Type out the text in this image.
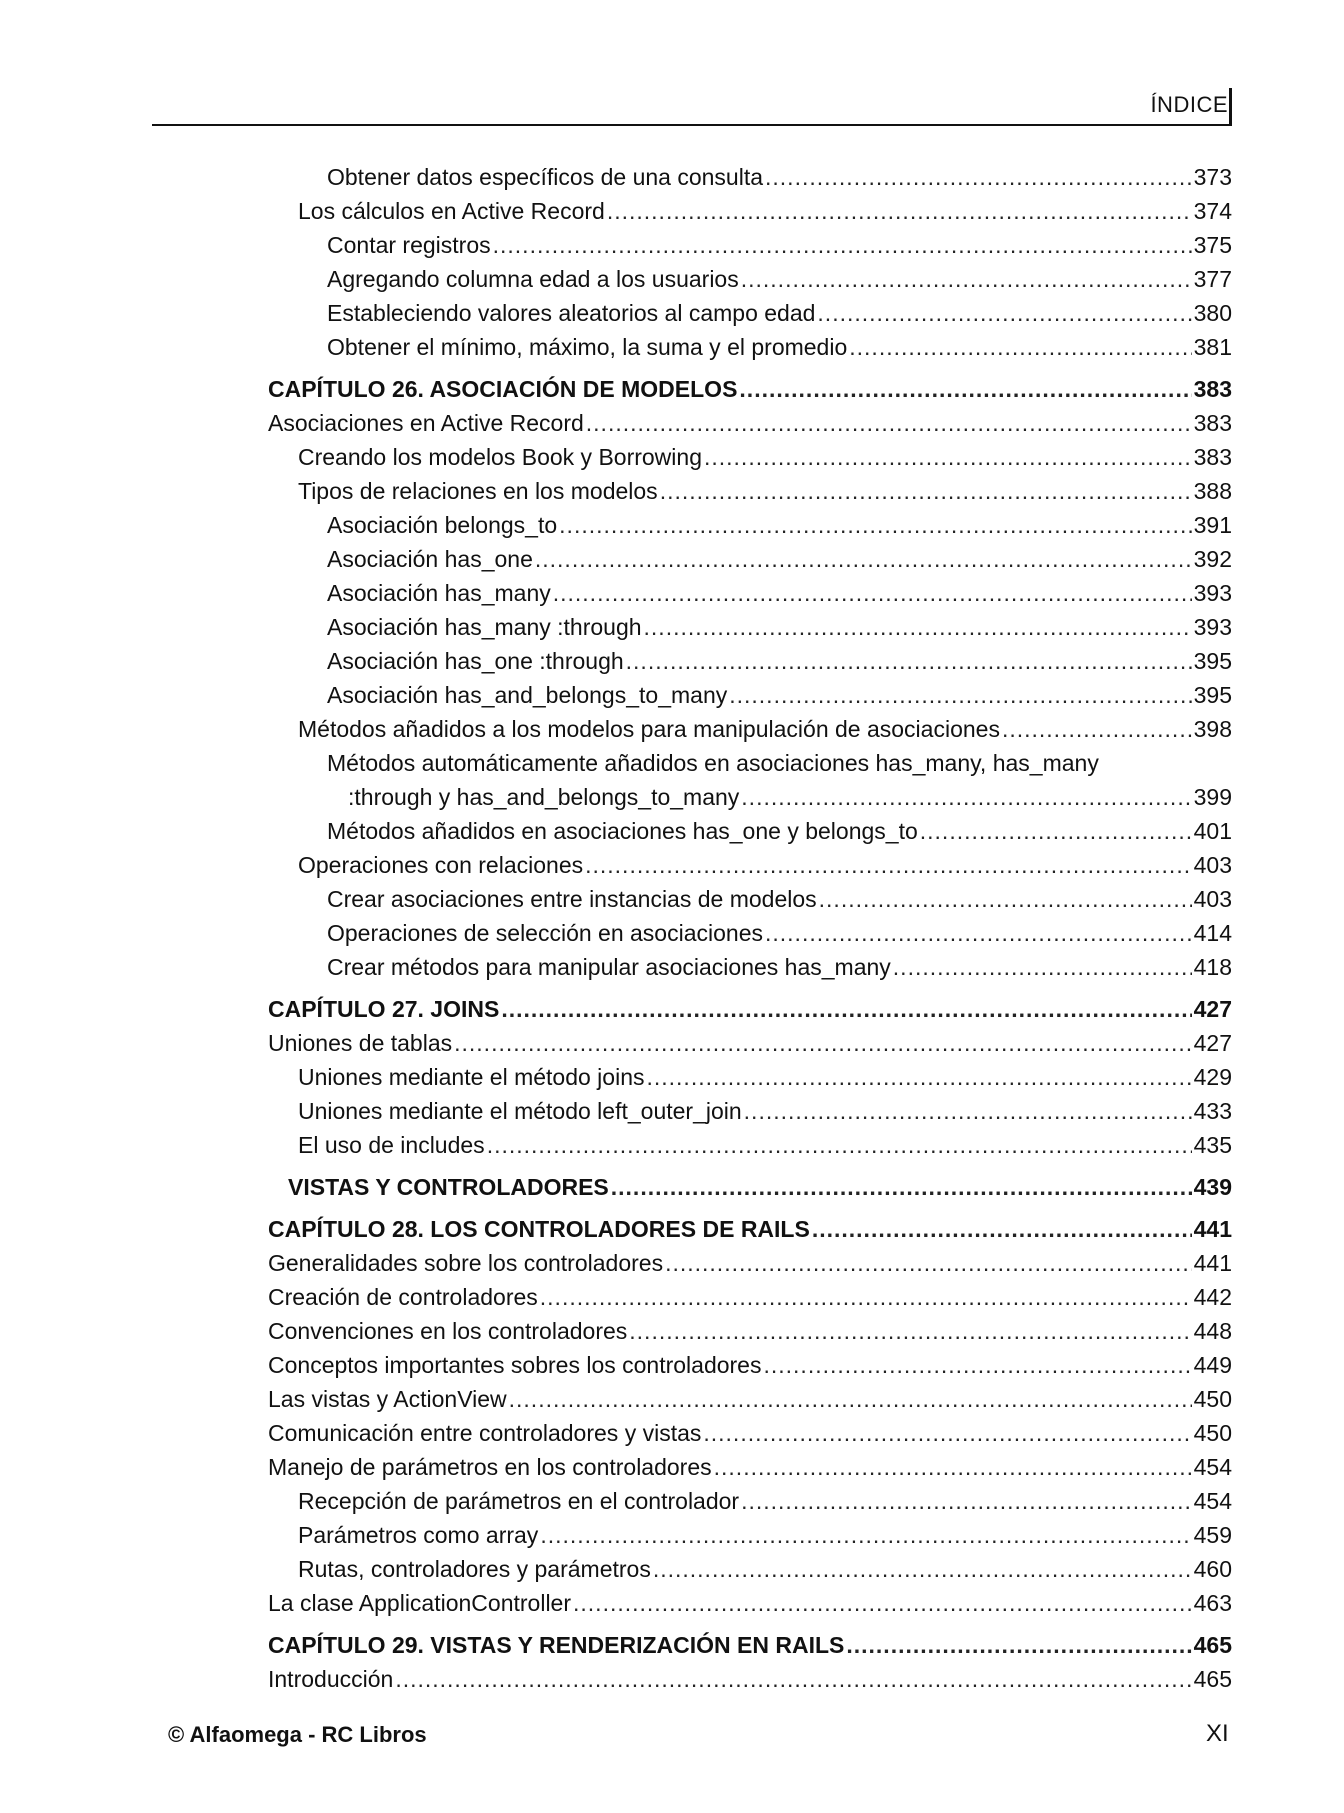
ÍNDICE
Obtener datos específicos de una consulta .....	373
Los cálculos en Active Record .....	374
Contar registros .....	375
Agregando columna edad a los usuarios .....	377
Estableciendo valores aleatorios al campo edad .....	380
Obtener el mínimo, máximo, la suma y el promedio .....	381
CAPÍTULO 26. ASOCIACIÓN DE MODELOS .....	383
Asociaciones en Active Record .....	383
Creando los modelos Book y Borrowing .....	383
Tipos de relaciones en los modelos .....	388
Asociación belongs_to .....	391
Asociación has_one .....	392
Asociación has_many .....	393
Asociación has_many :through .....	393
Asociación has_one :through .....	395
Asociación has_and_belongs_to_many .....	395
Métodos añadidos a los modelos para manipulación de asociaciones .....	398
Métodos automáticamente añadidos en asociaciones has_many, has_many
:through y has_and_belongs_to_many .....	399
Métodos añadidos en asociaciones has_one y belongs_to .....	401
Operaciones con relaciones .....	403
Crear asociaciones entre instancias de modelos .....	403
Operaciones de selección en asociaciones .....	414
Crear métodos para manipular asociaciones has_many .....	418
CAPÍTULO 27. JOINS .....	427
Uniones de tablas .....	427
Uniones mediante el método joins .....	429
Uniones mediante el método left_outer_join .....	433
El uso de includes .....	435
VISTAS Y CONTROLADORES .....	439
CAPÍTULO 28. LOS CONTROLADORES DE RAILS .....	441
Generalidades sobre los controladores .....	441
Creación de controladores .....	442
Convenciones en los controladores .....	448
Conceptos importantes sobres los controladores .....	449
Las vistas y ActionView .....	450
Comunicación entre controladores y vistas .....	450
Manejo de parámetros en los controladores .....	454
Recepción de parámetros en el controlador .....	454
Parámetros como array .....	459
Rutas, controladores y parámetros .....	460
La clase ApplicationController .....	463
CAPÍTULO 29. VISTAS Y RENDERIZACIÓN EN RAILS .....	465
Introducción .....	465
© Alfaomega - RC Libros	XI
